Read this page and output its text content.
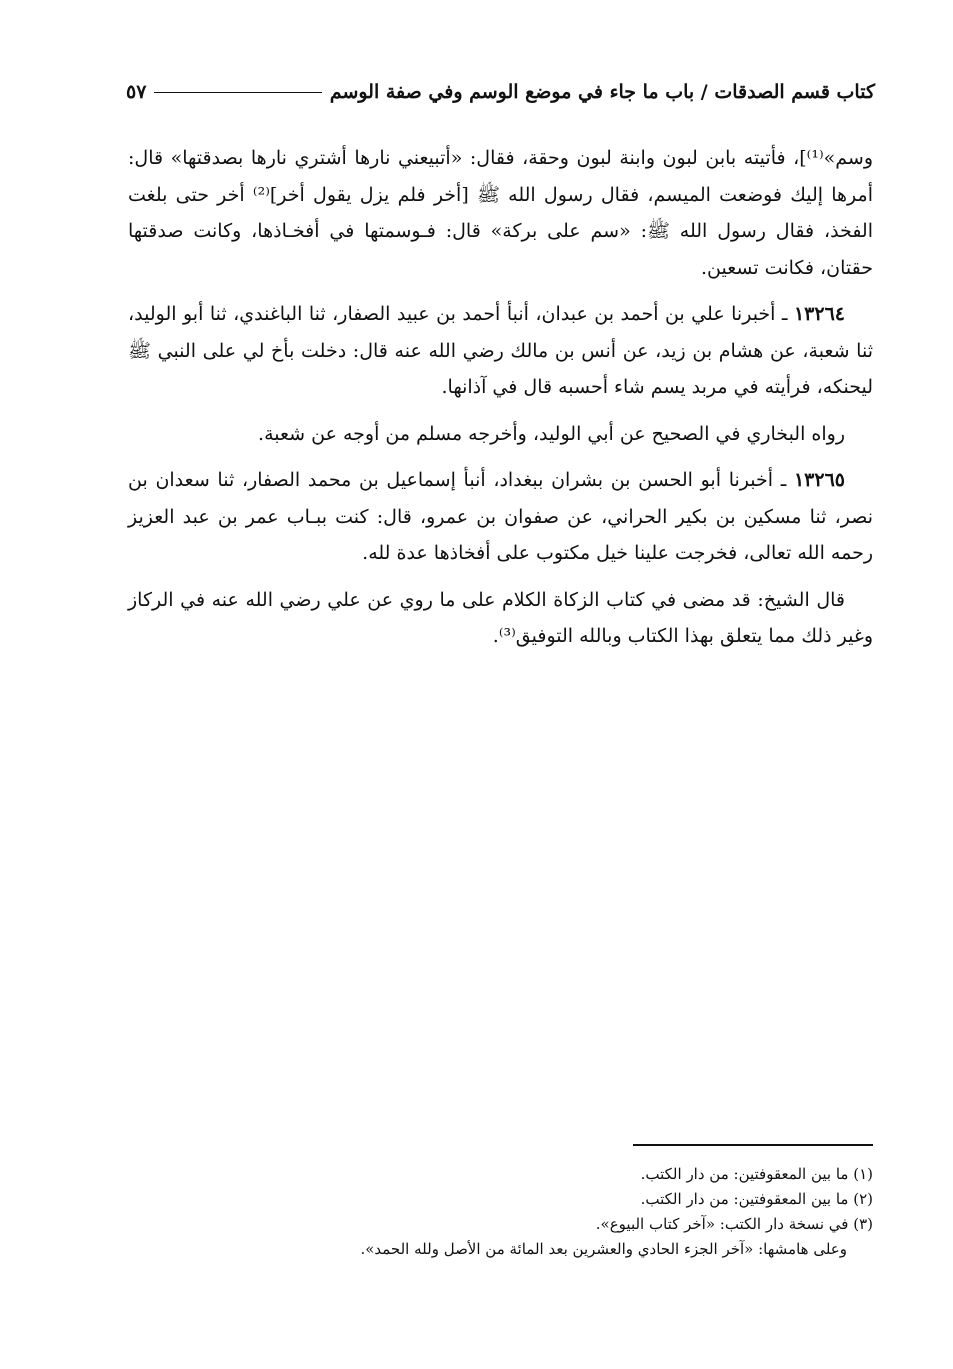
كتاب قسم الصدقات / باب ما جاء في موضع الوسم وفي صفة الوسم
٥٧

وسم»⁽¹⁾]، فأتيته بابن لبون وابنة لبون وحقة، فقال: «أتبيعني نارها أشتري نارها بصدقتها» قال: أمرها إليك فوضعت الميسم، فقال رسول الله ﷺ [أخر فلم يزل يقول أخر]⁽²⁾ أخر حتى بلغت الفخذ، فقال رسول الله ﷺ: «سم على بركة» قال: فـوسمتها في أفخـاذها، وكانت صدقتها حقتان، فكانت تسعين.

١٣٢٦٤ ـ أخبرنا علي بن أحمد بن عبدان، أنبأ أحمد بن عبيد الصفار، ثنا الباغندي، ثنا أبو الوليد، ثنا شعبة، عن هشام بن زيد، عن أنس بن مالك رضي الله عنه قال: دخلت بأخ لي على النبي ﷺ ليحنكه، فرأيته في مربد يسم شاء أحسبه قال في آذانها.

رواه البخاري في الصحيح عن أبي الوليد، وأخرجه مسلم من أوجه عن شعبة.

١٣٢٦٥ ـ أخبرنا أبو الحسن بن بشران ببغداد، أنبأ إسماعيل بن محمد الصفار، ثنا سعدان بن نصر، ثنا مسكين بن بكير الحراني، عن صفوان بن عمرو، قال: كنت ببـاب عمر بن عبد العزيز رحمه الله تعالى، فخرجت علينا خيل مكتوب على أفخاذها عدة لله.

قال الشيخ: قد مضى في كتاب الزكاة الكلام على ما روي عن علي رضي الله عنه في الركاز وغير ذلك مما يتعلق بهذا الكتاب وبالله التوفيق⁽³⁾.

(١) ما بين المعقوفتين: من دار الكتب.
(٢) ما بين المعقوفتين: من دار الكتب.
(٣) في نسخة دار الكتب: «آخر كتاب البيوع».
وعلى هامشها: «آخر الجزء الحادي والعشرين بعد المائة من الأصل ولله الحمد».
